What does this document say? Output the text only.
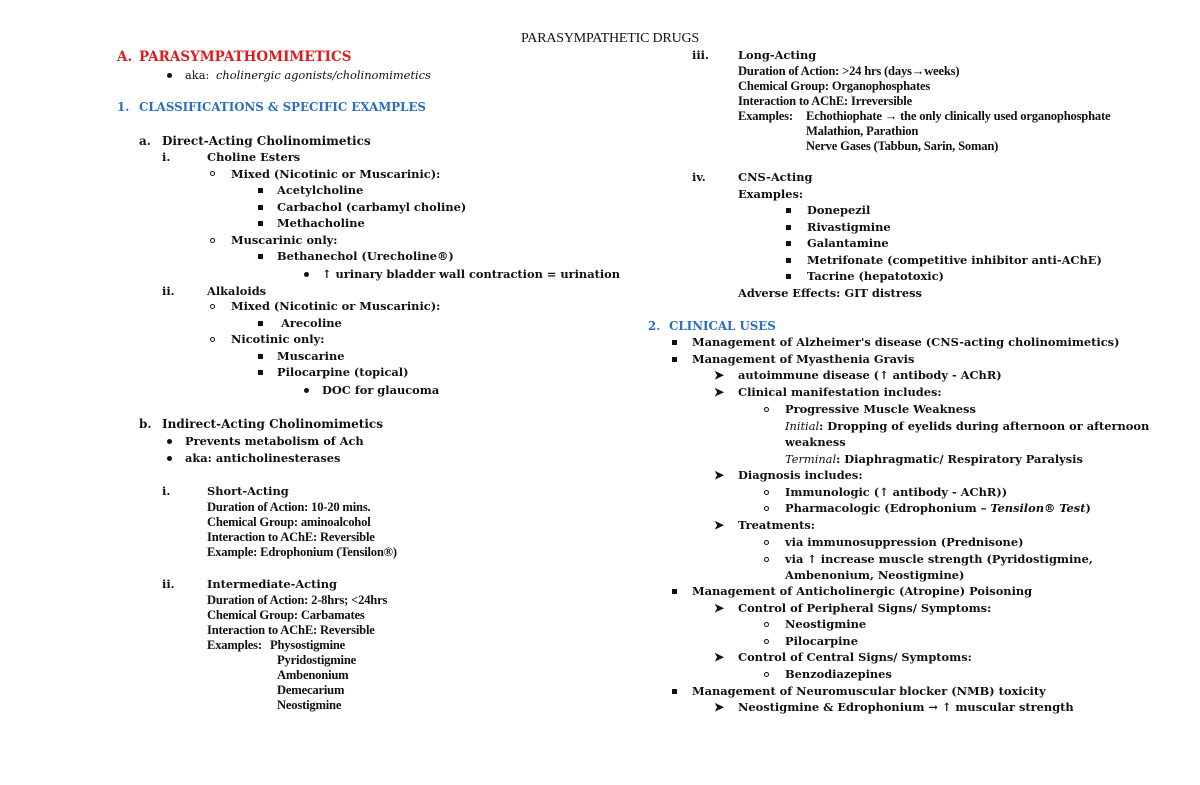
PARASYMPATHETIC DRUGS
A. PARASYMPATHOMIMETICS
aka: cholinergic agonists/cholinomimetics
1. CLASSIFICATIONS & SPECIFIC EXAMPLES
a. Direct-Acting Cholinomimetics
i.	Choline Esters
Mixed (Nicotinic or Muscarinic):
Acetylcholine
Carbachol (carbamyl choline)
Methacholine
Muscarinic only:
Bethanechol (Urecholine®)
↑ urinary bladder wall contraction = urination
ii.	Alkaloids
Mixed (Nicotinic or Muscarinic):
Arecoline
Nicotinic only:
Muscarine
Pilocarpine (topical)
DOC for glaucoma
b. Indirect-Acting Cholinomimetics
Prevents metabolism of Ach
aka: anticholinesterases
i.	Short-Acting
Duration of Action: 10-20 mins.
Chemical Group: aminoalcohol
Interaction to AChE: Reversible
Example: Edrophonium (Tensilon®)
ii.	Intermediate-Acting
Duration of Action: 2-8hrs; <24hrs
Chemical Group: Carbamates
Interaction to AChE: Reversible
Examples: Physostigmine
Pyridostigmine
Ambenonium
Demecarium
Neostigmine
iii.	Long-Acting
Duration of Action: >24 hrs (days→weeks)
Chemical Group: Organophosphates
Interaction to AChE: Irreversible
Examples: Echothiophate → the only clinically used organophosphate
Malathion, Parathion
Nerve Gases (Tabbun, Sarin, Soman)
iv.	CNS-Acting
Examples:
Donepezil
Rivastigmine
Galantamine
Metrifonate (competitive inhibitor anti-AChE)
Tacrine (hepatotoxic)
Adverse Effects: GIT distress
2. CLINICAL USES
Management of Alzheimer's disease (CNS-acting cholinomimetics)
Management of Myasthenia Gravis
➤ autoimmune disease (↑ antibody - AChR)
➤ Clinical manifestation includes:
Progressive Muscle Weakness
Initial: Dropping of eyelids during afternoon or afternoon
weakness
Terminal: Diaphragmatic/ Respiratory Paralysis
➤ Diagnosis includes:
Immunologic (↑ antibody - AChR))
Pharmacologic (Edrophonium – Tensilon® Test)
➤ Treatments:
via immunosuppression (Prednisone)
via ↑ increase muscle strength (Pyridostigmine,
Ambenonium, Neostigmine)
Management of Anticholinergic (Atropine) Poisoning
➤ Control of Peripheral Signs/ Symptoms:
Neostigmine
Pilocarpine
➤ Control of Central Signs/ Symptoms:
Benzodiazepines
Management of Neuromuscular blocker (NMB) toxicity
➤ Neostigmine & Edrophonium → ↑ muscular strength
